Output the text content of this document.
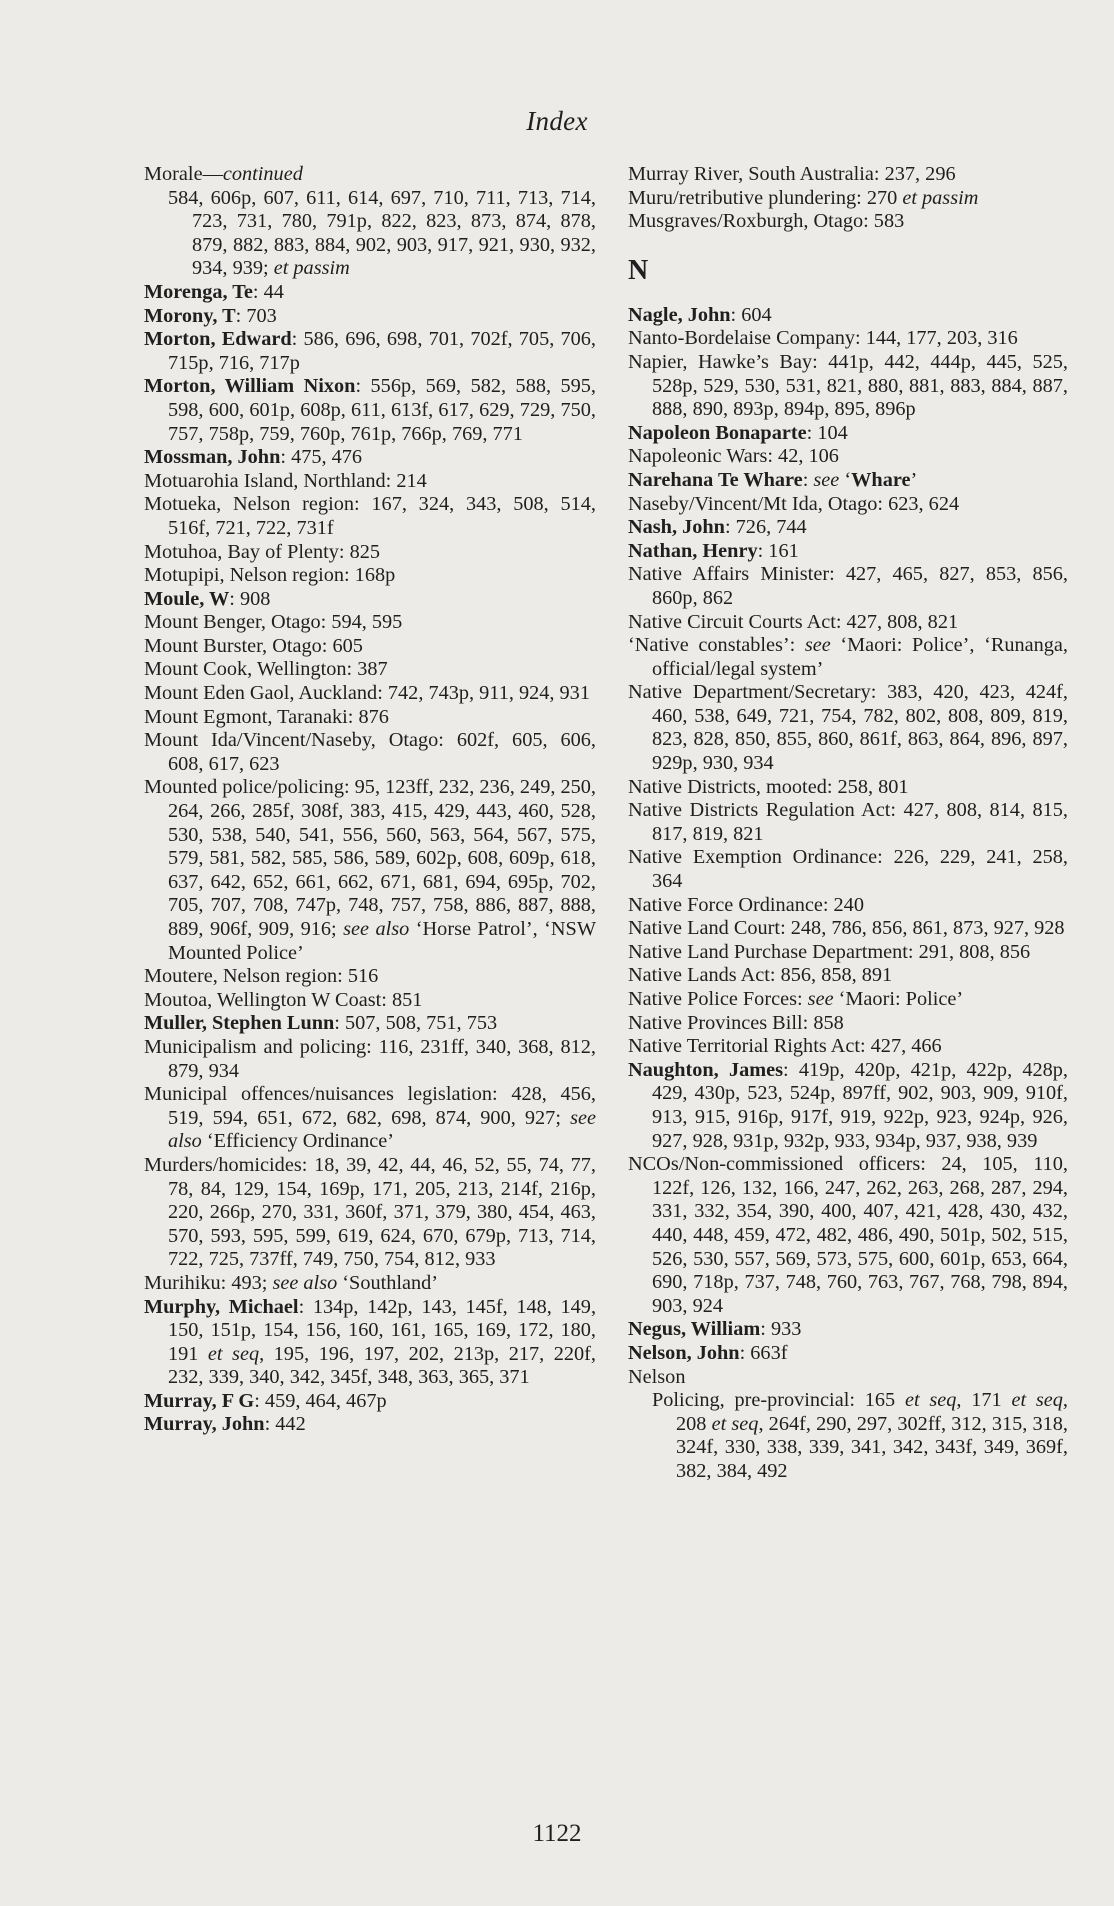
Index
Morale—continued
584, 606p, 607, 611, 614, 697, 710, 711, 713, 714, 723, 731, 780, 791p, 822, 823, 873, 874, 878, 879, 882, 883, 884, 902, 903, 917, 921, 930, 932, 934, 939; et passim
Morenga, Te: 44
Morony, T: 703
Morton, Edward: 586, 696, 698, 701, 702f, 705, 706, 715p, 716, 717p
Morton, William Nixon: 556p, 569, 582, 588, 595, 598, 600, 601p, 608p, 611, 613f, 617, 629, 729, 750, 757, 758p, 759, 760p, 761p, 766p, 769, 771
Mossman, John: 475, 476
Motuarohia Island, Northland: 214
Motueka, Nelson region: 167, 324, 343, 508, 514, 516f, 721, 722, 731f
Motuhoa, Bay of Plenty: 825
Motupipi, Nelson region: 168p
Moule, W: 908
Mount Benger, Otago: 594, 595
Mount Burster, Otago: 605
Mount Cook, Wellington: 387
Mount Eden Gaol, Auckland: 742, 743p, 911, 924, 931
Mount Egmont, Taranaki: 876
Mount Ida/Vincent/Naseby, Otago: 602f, 605, 606, 608, 617, 623
Mounted police/policing: 95, 123ff, 232, 236, 249, 250, 264, 266, 285f, 308f, 383, 415, 429, 443, 460, 528, 530, 538, 540, 541, 556, 560, 563, 564, 567, 575, 579, 581, 582, 585, 586, 589, 602p, 608, 609p, 618, 637, 642, 652, 661, 662, 671, 681, 694, 695p, 702, 705, 707, 708, 747p, 748, 757, 758, 886, 887, 888, 889, 906f, 909, 916; see also ‘Horse Patrol’, ‘NSW Mounted Police’
Moutere, Nelson region: 516
Moutoa, Wellington W Coast: 851
Muller, Stephen Lunn: 507, 508, 751, 753
Municipalism and policing: 116, 231ff, 340, 368, 812, 879, 934
Municipal offences/nuisances legislation: 428, 456, 519, 594, 651, 672, 682, 698, 874, 900, 927; see also ‘Efficiency Ordinance’
Murders/homicides: 18, 39, 42, 44, 46, 52, 55, 74, 77, 78, 84, 129, 154, 169p, 171, 205, 213, 214f, 216p, 220, 266p, 270, 331, 360f, 371, 379, 380, 454, 463, 570, 593, 595, 599, 619, 624, 670, 679p, 713, 714, 722, 725, 737ff, 749, 750, 754, 812, 933
Murihiku: 493; see also ‘Southland’
Murphy, Michael: 134p, 142p, 143, 145f, 148, 149, 150, 151p, 154, 156, 160, 161, 165, 169, 172, 180, 191 et seq, 195, 196, 197, 202, 213p, 217, 220f, 232, 339, 340, 342, 345f, 348, 363, 365, 371
Murray, F G: 459, 464, 467p
Murray, John: 442
Murray River, South Australia: 237, 296
Muru/retributive plundering: 270 et passim
Musgraves/Roxburgh, Otago: 583
N
Nagle, John: 604
Nanto-Bordelaise Company: 144, 177, 203, 316
Napier, Hawke’s Bay: 441p, 442, 444p, 445, 525, 528p, 529, 530, 531, 821, 880, 881, 883, 884, 887, 888, 890, 893p, 894p, 895, 896p
Napoleon Bonaparte: 104
Napoleonic Wars: 42, 106
Narehana Te Whare: see ‘Whare’
Naseby/Vincent/Mt Ida, Otago: 623, 624
Nash, John: 726, 744
Nathan, Henry: 161
Native Affairs Minister: 427, 465, 827, 853, 856, 860p, 862
Native Circuit Courts Act: 427, 808, 821
‘Native constables’: see ‘Maori: Police’, ‘Runanga, official/legal system’
Native Department/Secretary: 383, 420, 423, 424f, 460, 538, 649, 721, 754, 782, 802, 808, 809, 819, 823, 828, 850, 855, 860, 861f, 863, 864, 896, 897, 929p, 930, 934
Native Districts, mooted: 258, 801
Native Districts Regulation Act: 427, 808, 814, 815, 817, 819, 821
Native Exemption Ordinance: 226, 229, 241, 258, 364
Native Force Ordinance: 240
Native Land Court: 248, 786, 856, 861, 873, 927, 928
Native Land Purchase Department: 291, 808, 856
Native Lands Act: 856, 858, 891
Native Police Forces: see ‘Maori: Police’
Native Provinces Bill: 858
Native Territorial Rights Act: 427, 466
Naughton, James: 419p, 420p, 421p, 422p, 428p, 429, 430p, 523, 524p, 897ff, 902, 903, 909, 910f, 913, 915, 916p, 917f, 919, 922p, 923, 924p, 926, 927, 928, 931p, 932p, 933, 934p, 937, 938, 939
NCOs/Non-commissioned officers: 24, 105, 110, 122f, 126, 132, 166, 247, 262, 263, 268, 287, 294, 331, 332, 354, 390, 400, 407, 421, 428, 430, 432, 440, 448, 459, 472, 482, 486, 490, 501p, 502, 515, 526, 530, 557, 569, 573, 575, 600, 601p, 653, 664, 690, 718p, 737, 748, 760, 763, 767, 768, 798, 894, 903, 924
Negus, William: 933
Nelson, John: 663f
Nelson
Policing, pre-provincial: 165 et seq, 171 et seq, 208 et seq, 264f, 290, 297, 302ff, 312, 315, 318, 324f, 330, 338, 339, 341, 342, 343f, 349, 369f, 382, 384, 492
1122
